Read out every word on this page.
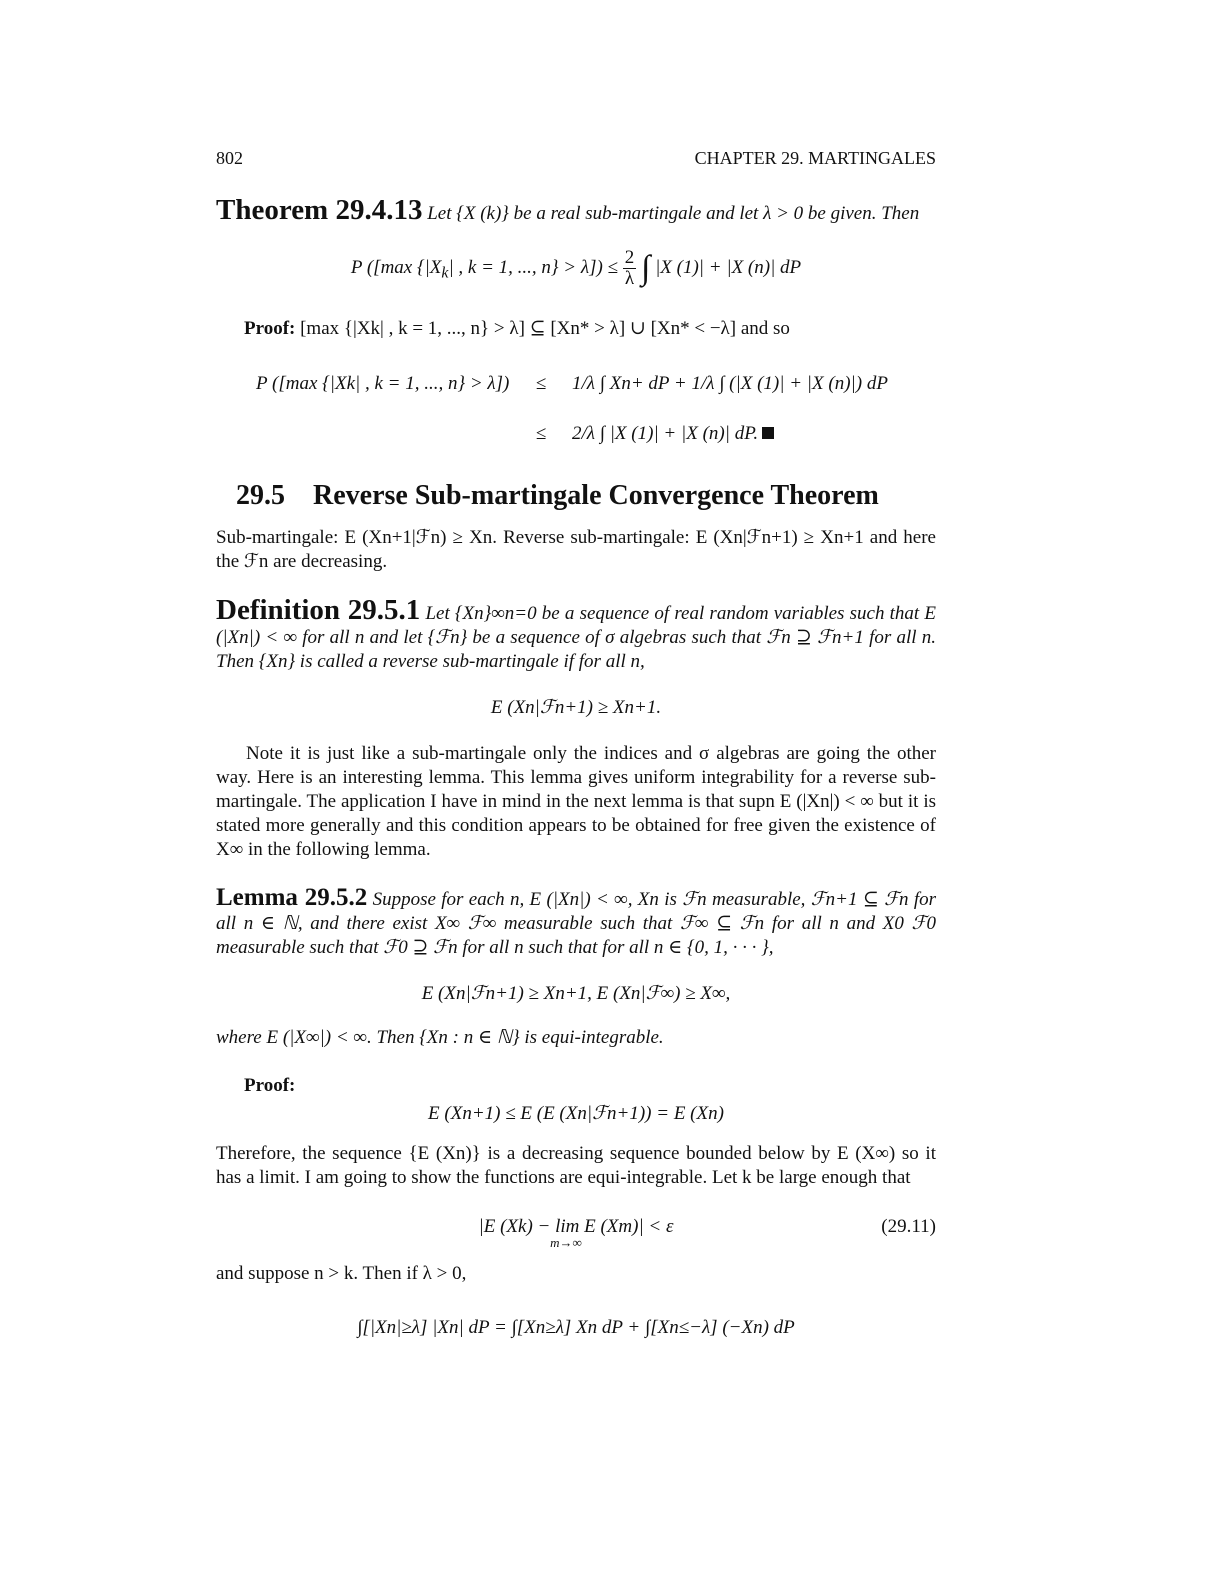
802	CHAPTER 29. MARTINGALES
Theorem 29.4.13 Let {X (k)} be a real sub-martingale and let λ > 0 be given. Then
P ([max {$|X_k|$ , k = 1, ..., $n\} > \lambda]) \le \frac{2}{\lambda}$ ∫ |X (1)| + |X (n)| dP
Proof: [max {|Xk| , k = 1, ..., n} > λ] ⊆ [Xn* > λ] ∪ [Xn* < −λ] and so
P ([max {|Xk| , k = 1, ..., n} > λ]) ≤ 1/λ ∫ Xn+ dP + 1/λ ∫ (|X (1)| + |X (n)|) dP
≤ 2/λ ∫ |X (1)| + |X (n)| dP.
29.5 Reverse Sub-martingale Convergence Theorem
Sub-martingale: E (Xn+1|ℱn) ≥ Xn. Reverse sub-martingale: E (Xn|ℱn+1) ≥ Xn+1 and here the ℱn are decreasing.
Definition 29.5.1 Let {Xn}∞n=0 be a sequence of real random variables such that E (|Xn|) < ∞ for all n and let {ℱn} be a sequence of σ algebras such that ℱn ⊇ ℱn+1 for all n. Then {Xn} is called a reverse sub-martingale if for all n,
E (Xn|ℱn+1) ≥ Xn+1.
Note it is just like a sub-martingale only the indices and σ algebras are going the other way. Here is an interesting lemma. This lemma gives uniform integrability for a reverse sub-martingale. The application I have in mind in the next lemma is that supn E (|Xn|) < ∞ but it is stated more generally and this condition appears to be obtained for free given the existence of X∞ in the following lemma.
Lemma 29.5.2 Suppose for each n, E (|Xn|) < ∞, Xn is ℱn measurable, ℱn+1 ⊆ ℱn for all n ∈ ℕ, and there exist X∞ ℱ∞ measurable such that ℱ∞ ⊆ ℱn for all n and X0 ℱ0 measurable such that ℱ0 ⊇ ℱn for all n such that for all n ∈ {0, 1, · · · },
E (Xn|ℱn+1) ≥ Xn+1, E (Xn|ℱ∞) ≥ X∞,
where E (|X∞|) < ∞. Then {Xn : n ∈ ℕ} is equi-integrable.
Proof:
E (Xn+1) ≤ E (E (Xn|ℱn+1)) = E (Xn)
Therefore, the sequence {E (Xn)} is a decreasing sequence bounded below by E (X∞) so it has a limit. I am going to show the functions are equi-integrable. Let k be large enough that
|E (Xk) − lim E (Xm)| < ε	(29.11)
m→∞
and suppose n > k. Then if λ > 0,
∫[|Xn|≥λ] |Xn| dP = ∫[Xn≥λ] Xn dP + ∫[Xn≤−λ] (−Xn) dP
